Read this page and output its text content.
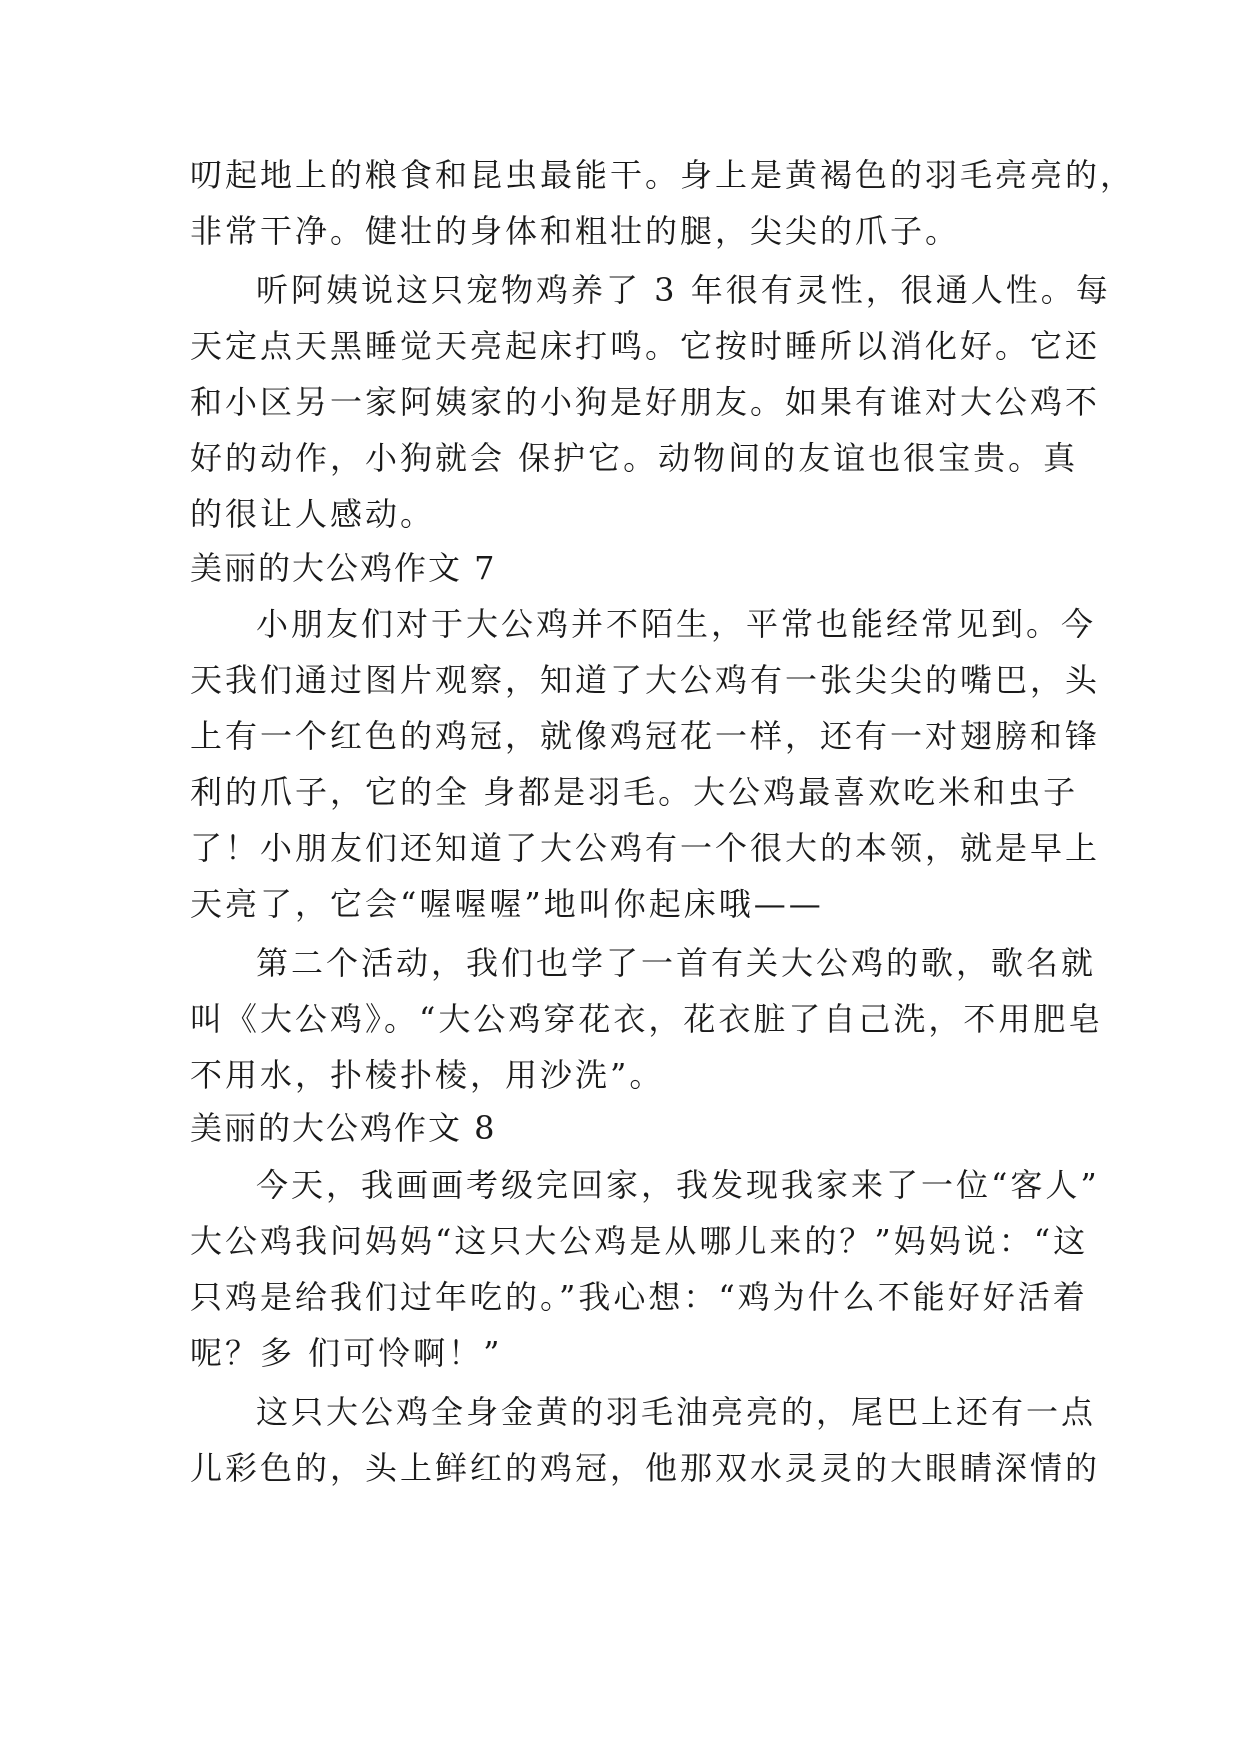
叨起地上的粮食和昆虫最能干。身上是黄褐色的羽毛亮亮的，
非常干净。健壮的身体和粗壮的腿，尖尖的爪子。
听阿姨说这只宠物鸡养了 3 年很有灵性，很通人性。每
天定点天黑睡觉天亮起床打鸣。它按时睡所以消化好。它还
和小区另一家阿姨家的小狗是好朋友。如果有谁对大公鸡不
好的动作，小狗就会 保护它。动物间的友谊也很宝贵。真
的很让人感动。
美丽的大公鸡作文 7
小朋友们对于大公鸡并不陌生，平常也能经常见到。今
天我们通过图片观察，知道了大公鸡有一张尖尖的嘴巴，头
上有一个红色的鸡冠，就像鸡冠花一样，还有一对翅膀和锋
利的爪子，它的全 身都是羽毛。大公鸡最喜欢吃米和虫子
了！小朋友们还知道了大公鸡有一个很大的本领，就是早上
天亮了，它会“喔喔喔”地叫你起床哦——
第二个活动，我们也学了一首有关大公鸡的歌，歌名就
叫《大公鸡》。“大公鸡穿花衣，花衣脏了自己洗，不用肥皂
不用水，扑棱扑棱，用沙洗”。
美丽的大公鸡作文 8
今天，我画画考级完回家，我发现我家来了一位“客人”
大公鸡我问妈妈“这只大公鸡是从哪儿来的？”妈妈说：“这
只鸡是给我们过年吃的。”我心想：“鸡为什么不能好好活着
呢？多 们可怜啊！”
这只大公鸡全身金黄的羽毛油亮亮的，尾巴上还有一点
儿彩色的，头上鲜红的鸡冠，他那双水灵灵的大眼睛深情的
